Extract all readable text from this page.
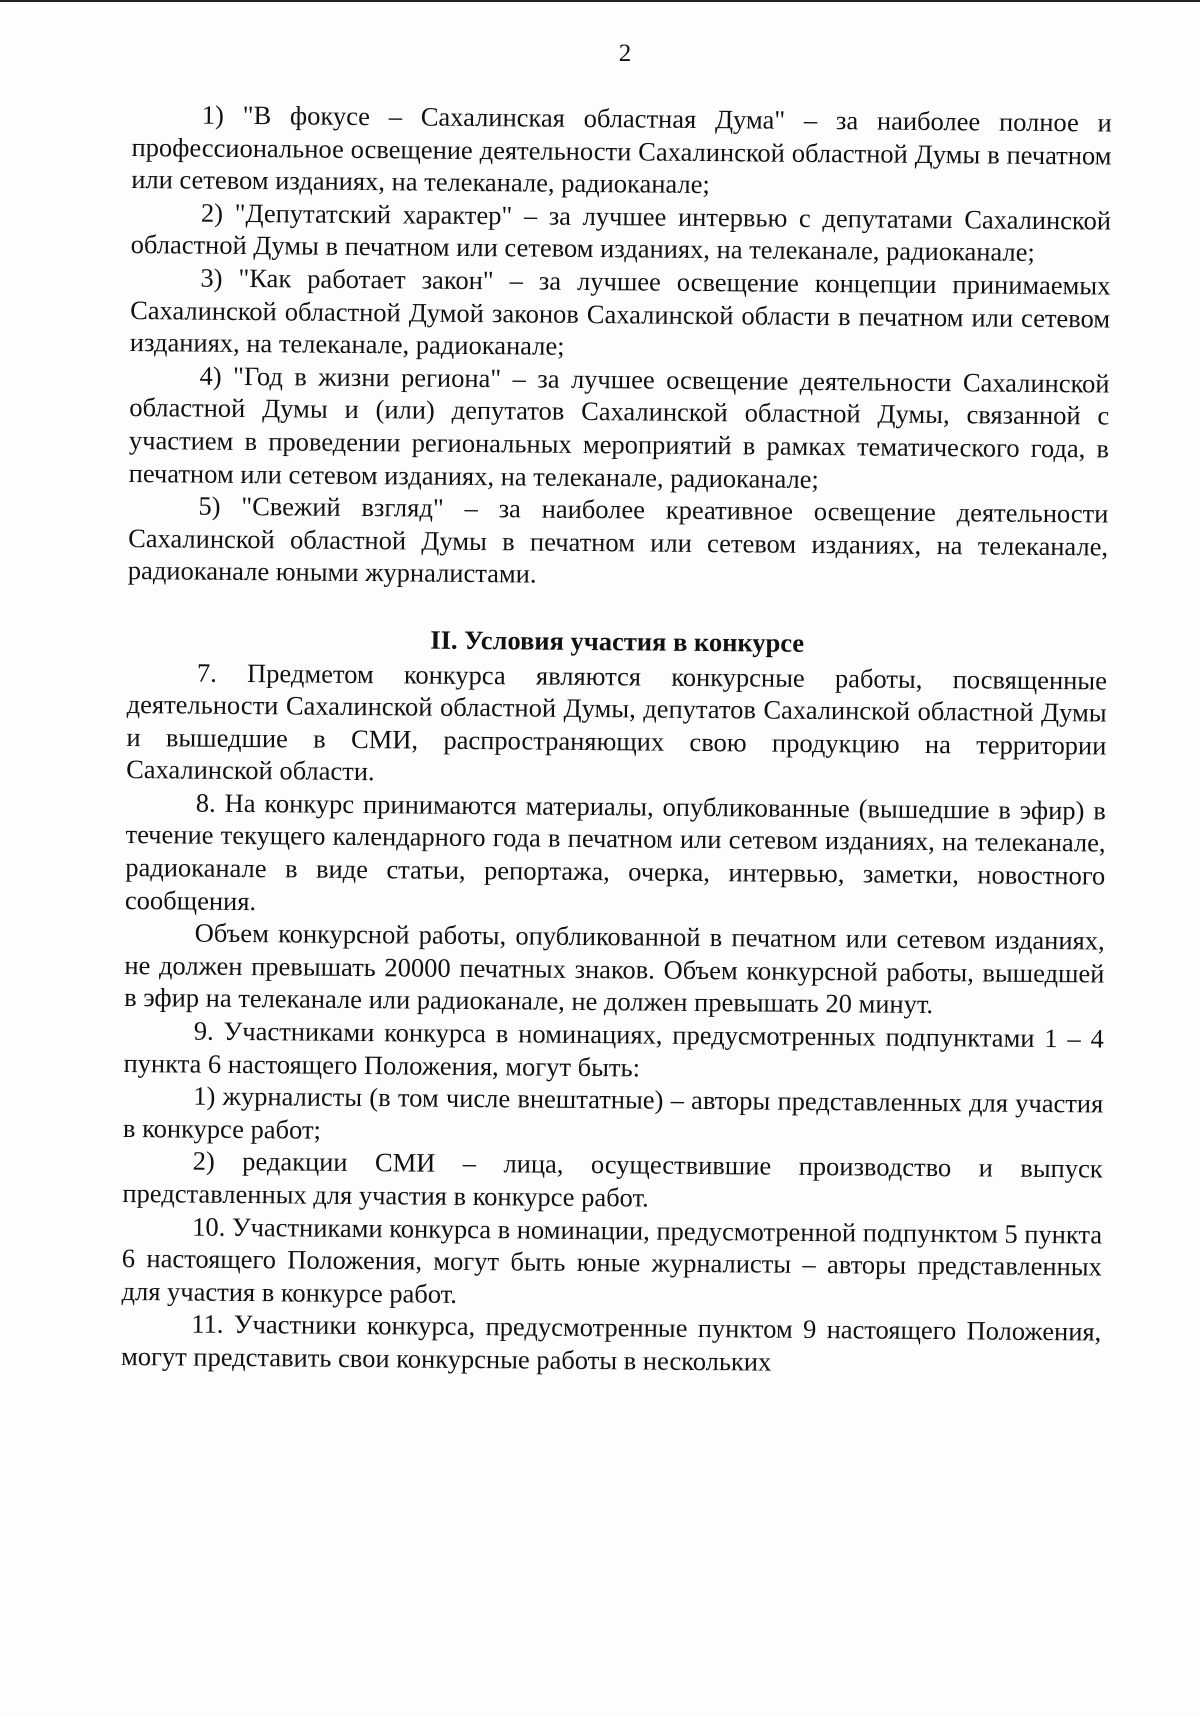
2

1) "В фокусе – Сахалинская областная Дума" – за наиболее полное и профессиональное освещение деятельности Сахалинской областной Думы в печатном или сетевом изданиях, на телеканале, радиоканале;

2) "Депутатский характер" – за лучшее интервью с депутатами Сахалинской областной Думы в печатном или сетевом изданиях, на телеканале, радиоканале;

3) "Как работает закон" – за лучшее освещение концепции принимаемых Сахалинской областной Думой законов Сахалинской области в печатном или сетевом изданиях, на телеканале, радиоканале;

4) "Год в жизни региона" – за лучшее освещение деятельности Сахалинской областной Думы и (или) депутатов Сахалинской областной Думы, связанной с участием в проведении региональных мероприятий в рамках тематического года, в печатном или сетевом изданиях, на телеканале, радиоканале;

5) "Свежий взгляд" – за наиболее креативное освещение деятельности Сахалинской областной Думы в печатном или сетевом изданиях, на телеканале, радиоканале юными журналистами.

II. Условия участия в конкурсе

7. Предметом конкурса являются конкурсные работы, посвященные деятельности Сахалинской областной Думы, депутатов Сахалинской областной Думы и вышедшие в СМИ, распространяющих свою продукцию на территории Сахалинской области.

8. На конкурс принимаются материалы, опубликованные (вышедшие в эфир) в течение текущего календарного года в печатном или сетевом изданиях, на телеканале, радиоканале в виде статьи, репортажа, очерка, интервью, заметки, новостного сообщения.

Объем конкурсной работы, опубликованной в печатном или сетевом изданиях, не должен превышать 20000 печатных знаков. Объем конкурсной работы, вышедшей в эфир на телеканале или радиоканале, не должен превышать 20 минут.

9. Участниками конкурса в номинациях, предусмотренных подпунктами 1 – 4 пункта 6 настоящего Положения, могут быть:

1) журналисты (в том числе внештатные) – авторы представленных для участия в конкурсе работ;

2) редакции СМИ – лица, осуществившие производство и выпуск представленных для участия в конкурсе работ.

10. Участниками конкурса в номинации, предусмотренной подпунктом 5 пункта 6 настоящего Положения, могут быть юные журналисты – авторы представленных для участия в конкурсе работ.

11. Участники конкурса, предусмотренные пунктом 9 настоящего Положения, могут представить свои конкурсные работы в нескольких
